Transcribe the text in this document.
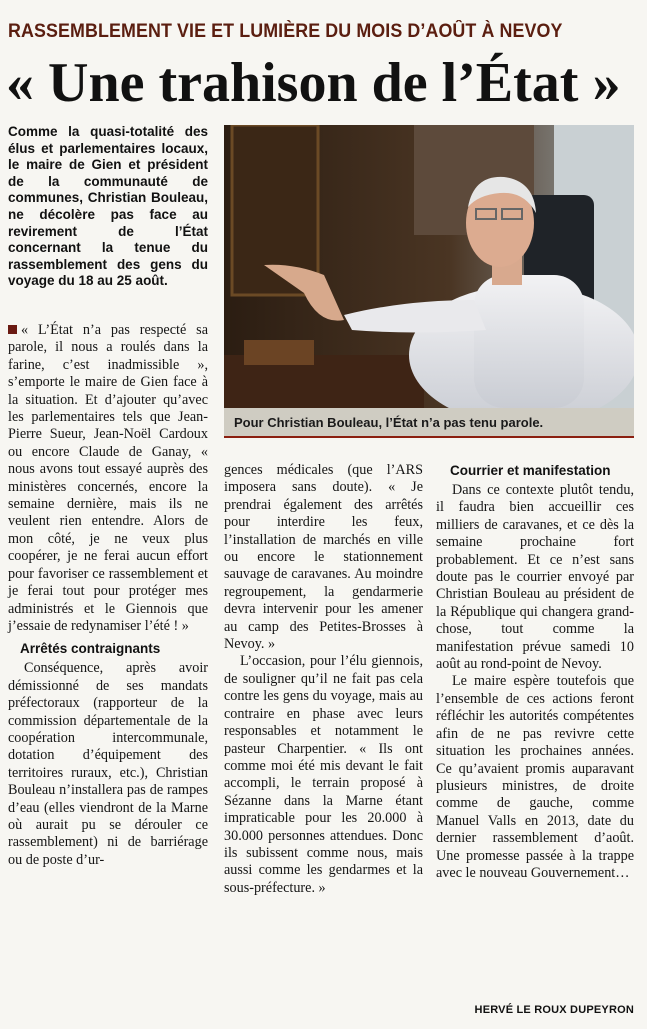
RASSEMBLEMENT VIE ET LUMIÈRE DU MOIS D’AOÛT À NEVOY
« Une trahison de l’État »
Comme la quasi-totalité des élus et parlementaires locaux, le maire de Gien et président de la communauté de communes, Christian Bouleau, ne décolère pas face au revirement de l’État concernant la tenue du rassemblement des gens du voyage du 18 au 25 août.
Pour Christian Bouleau, l’État n’a pas tenu parole.

« L’État n’a pas respecté sa parole, il nous a roulés dans la farine, c’est inadmissible », s’emporte le maire de Gien face à la situation. Et d’ajouter qu’avec les parlementaires tels que Jean-Pierre Sueur, Jean-Noël Cardoux ou encore Claude de Ganay, « nous avons tout essayé auprès des ministères concernés, encore la semaine dernière, mais ils ne veulent rien entendre. Alors de mon côté, je ne veux plus coopérer, je ne ferai aucun effort pour favoriser ce rassemblement et je ferai tout pour protéger mes administrés et le Giennois que j’essaie de redynamiser l’été ! »

Arrêtés contraignants

Conséquence, après avoir démissionné de ses mandats préfectoraux (rapporteur de la commission départementale de la coopération intercommunale, dotation d’équipement des territoires ruraux, etc.), Christian Bouleau n’installera pas de rampes d’eau (elles viendront de la Marne où aurait pu se dérouler ce rassemblement) ni de barriérage ou de poste d’ur-

gences médicales (que l’ARS imposera sans doute). « Je prendrai également des arrêtés pour interdire les feux, l’installation de marchés en ville ou encore le stationnement sauvage de caravanes. Au moindre regroupement, la gendarmerie devra intervenir pour les amener au camp des Petites-Brosses à Nevoy. »

L’occasion, pour l’élu giennois, de souligner qu’il ne fait pas cela contre les gens du voyage, mais au contraire en phase avec leurs responsables et notamment le pasteur Charpentier. « Ils ont comme moi été mis devant le fait accompli, le terrain proposé à Sézanne dans la Marne étant impraticable pour les 20.000 à 30.000 personnes attendues. Donc ils subissent comme nous, mais aussi comme les gendarmes et la sous-préfecture. »

Courrier et manifestation

Dans ce contexte plutôt tendu, il faudra bien accueillir ces milliers de caravanes, et ce dès la semaine prochaine fort probablement. Et ce n’est sans doute pas le courrier envoyé par Christian Bouleau au président de la République qui changera grand-chose, tout comme la manifestation prévue samedi 10 août au rond-point de Nevoy.

Le maire espère toutefois que l’ensemble de ces actions feront réfléchir les autorités compétentes afin de ne pas revivre cette situation les prochaines années. Ce qu’avaient promis auparavant plusieurs ministres, de droite comme de gauche, comme Manuel Valls en 2013, date du dernier rassemblement d’août. Une promesse passée à la trappe avec le nouveau Gouvernement…

HERVÉ LE ROUX DUPEYRON
